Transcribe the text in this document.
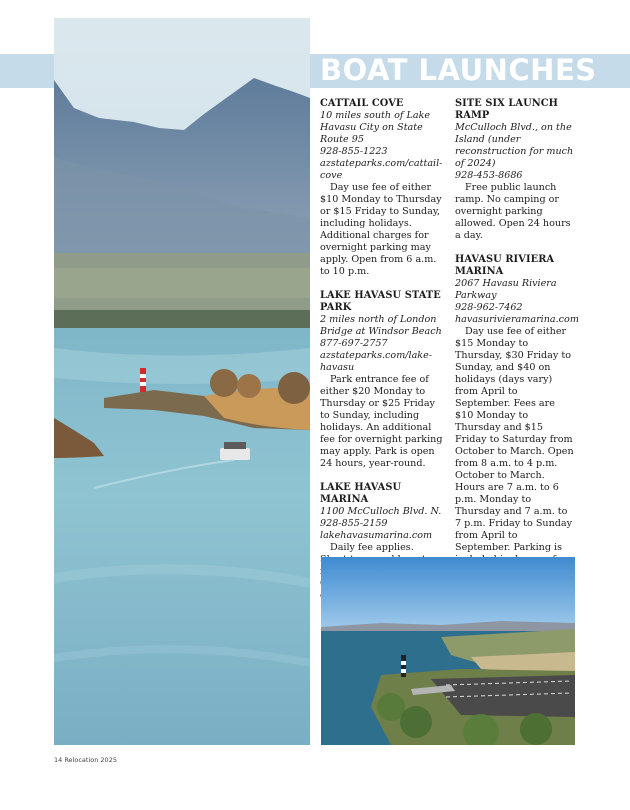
BOAT LAUNCHES
CATTAIL COVE
10 miles south of Lake Havasu City on State Route 95
928-855-1223
azstateparks.com/cattail-cove
Day use fee of either $10 Monday to Thursday or $15 Friday to Sunday, including holidays. Additional charges for overnight parking may apply. Open from 6 a.m. to 10 p.m.
LAKE HAVASU STATE PARK
2 miles north of London Bridge at Windsor Beach
877-697-2757
azstateparks.com/lake-havasu
Park entrance fee of either $20 Monday to Thursday or $25 Friday to Sunday, including holidays. An additional fee for overnight parking may apply. Park is open 24 hours, year-round.
LAKE HAVASU MARINA
1100 McCulloch Blvd. N.
928-855-2159
lakehavasumarina.com
Daily fee applies.
SITE SIX LAUNCH RAMP
McCulloch Blvd., on the Island (under reconstruction for much of 2024)
928-453-8686
Free public launch ramp. No camping or overnight parking allowed. Open 24 hours a day.
HAVASU RIVIERA MARINA
2067 Havasu Riviera Parkway
928-962-7462
havasurivieramarina.com
Day use fee of either $15 Monday to Thursday, $30 Friday to Sunday, and $40 on holidays (days vary) from April to September. Fees are $10 Monday to Thursday and $15 Friday to Saturday from October to March. Open from 8 a.m. to 4 p.m. October to March. Hours are 7 a.m. to 6 p.m. Monday to Thursday and 7 a.m. to 7 p.m. Friday to Sunday from April to September. Parking is
14 Relocation 2025
